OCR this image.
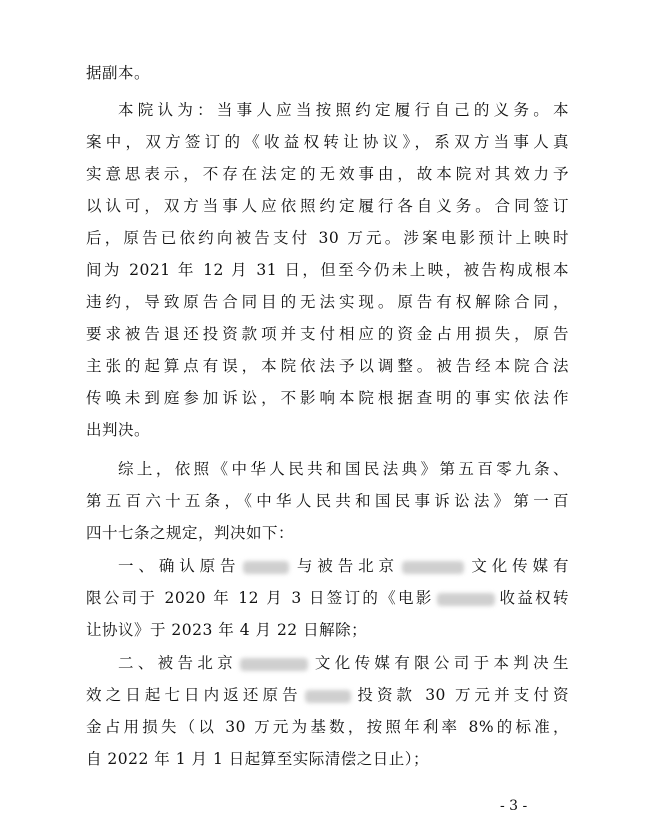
据副本。
本院认为：当事人应当按照约定履行自己的义务。本
案中，双方签订的《收益权转让协议》，系双方当事人真
实意思表示，不存在法定的无效事由，故本院对其效力予
以认可，双方当事人应依照约定履行各自义务。合同签订
后，原告已依约向被告支付 30 万元。涉案电影预计上映时
间为 2021 年 12 月 31 日，但至今仍未上映，被告构成根本
违约，导致原告合同目的无法实现。原告有权解除合同，
要求被告退还投资款项并支付相应的资金占用损失，原告
主张的起算点有误，本院依法予以调整。被告经本院合法
传唤未到庭参加诉讼，不影响本院根据查明的事实依法作
出判决。
综上，依照《中华人民共和国民法典》第五百零九条、
第五百六十五条，《中华人民共和国民事诉讼法》第一百
四十七条之规定，判决如下：
一、确认原告	与被告北京	文化传媒有
限公司于 2020 年 12 月 3 日签订的《电影	收益权转
让协议》于 2023 年 4 月 22 日解除；
二、被告北京	文化传媒有限公司于本判决生
效之日起七日内返还原告	投资款 30 万元并支付资
金占用损失（以 30 万元为基数，按照年利率 8%的标准，
自 2022 年 1 月 1 日起算至实际清偿之日止）；
- 3 -
